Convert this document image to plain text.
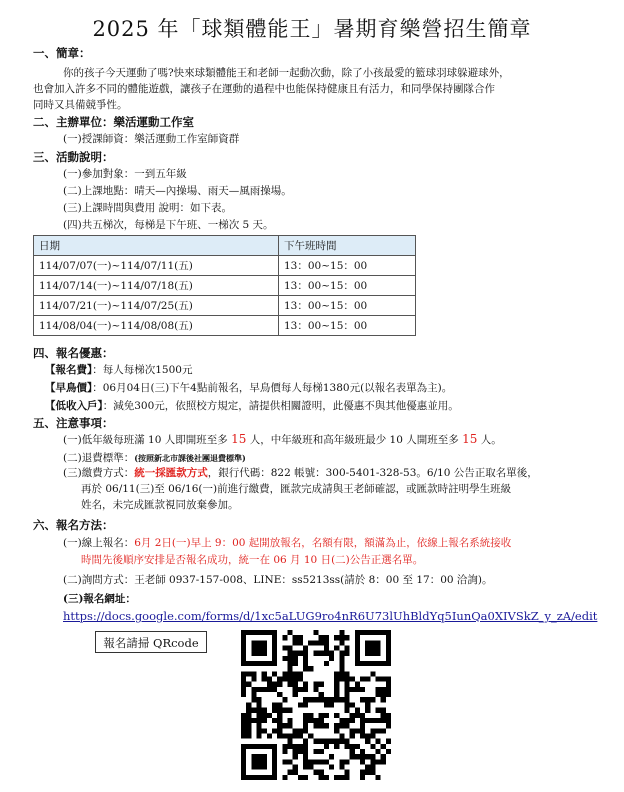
2025 年「球類體能王」暑期育樂營招生簡章
一、簡章：
你的孩子今天運動了嗎?快來球類體能王和老師一起動次動，除了小孩最愛的籃球羽球躲避球外，
也會加入許多不同的體能遊戲，讓孩子在運動的過程中也能保持健康且有活力，和同學保持團隊合作
同時又具備競爭性。
二、主辦單位：樂活運動工作室
(一)授課師資：樂活運動工作室師資群
三、活動說明：
(一)參加對象：一到五年級
(二)上課地點：晴天—內操場、雨天—風雨操場。
(三)上課時間與費用 說明：如下表。
(四)共五梯次，每梯是下午班、一梯次 5 天。
日期	下午班時間
114/07/07(一)~114/07/11(五)	13：00~15：00
114/07/14(一)~114/07/18(五)	13：00~15：00
114/07/21(一)~114/07/25(五)	13：00~15：00
114/08/04(一)~114/08/08(五)	13：00~15：00
四、報名優惠：
【報名費】：每人每梯次1500元
【早鳥價】：06月04日(三)下午4點前報名，早鳥價每人每梯1380元(以報名表單為主)。
【低收入戶】：減免300元，依照校方規定，請提供相關證明，此優惠不與其他優惠並用。
五、注意事項：
(一)低年級每班滿 10 人即開班至多 15 人，中年級班和高年級班最少 10 人開班至多 15 人。
(二)退費標準：(按照新北市課後社團退費標準)
(三)繳費方式：統一採匯款方式，銀行代碼：822 帳號：300-5401-328-53。6/10 公告正取名單後，
再於 06/11(三)至 06/16(一)前進行繳費，匯款完成請與王老師確認，或匯款時註明學生班級
姓名，未完成匯款視同放棄參加。
六、報名方法：
(一)線上報名：6月 2日(一)早上 9：00 起開放報名，名額有限，額滿為止，依線上報名系統接收
時間先後順序安排是否報名成功，統一在 06 月 10 日(二)公告正選名單。
(二)詢問方式：王老師 0937-157-008、LINE：ss5213ss(請於 8：00 至 17：00 洽詢)。
(三)報名網址：
https://docs.google.com/forms/d/1xc5aLUG9ro4nR6U73lUhBldYq5IunQa0XIVSkZ_y_zA/edit
報名請掃 QRcode
